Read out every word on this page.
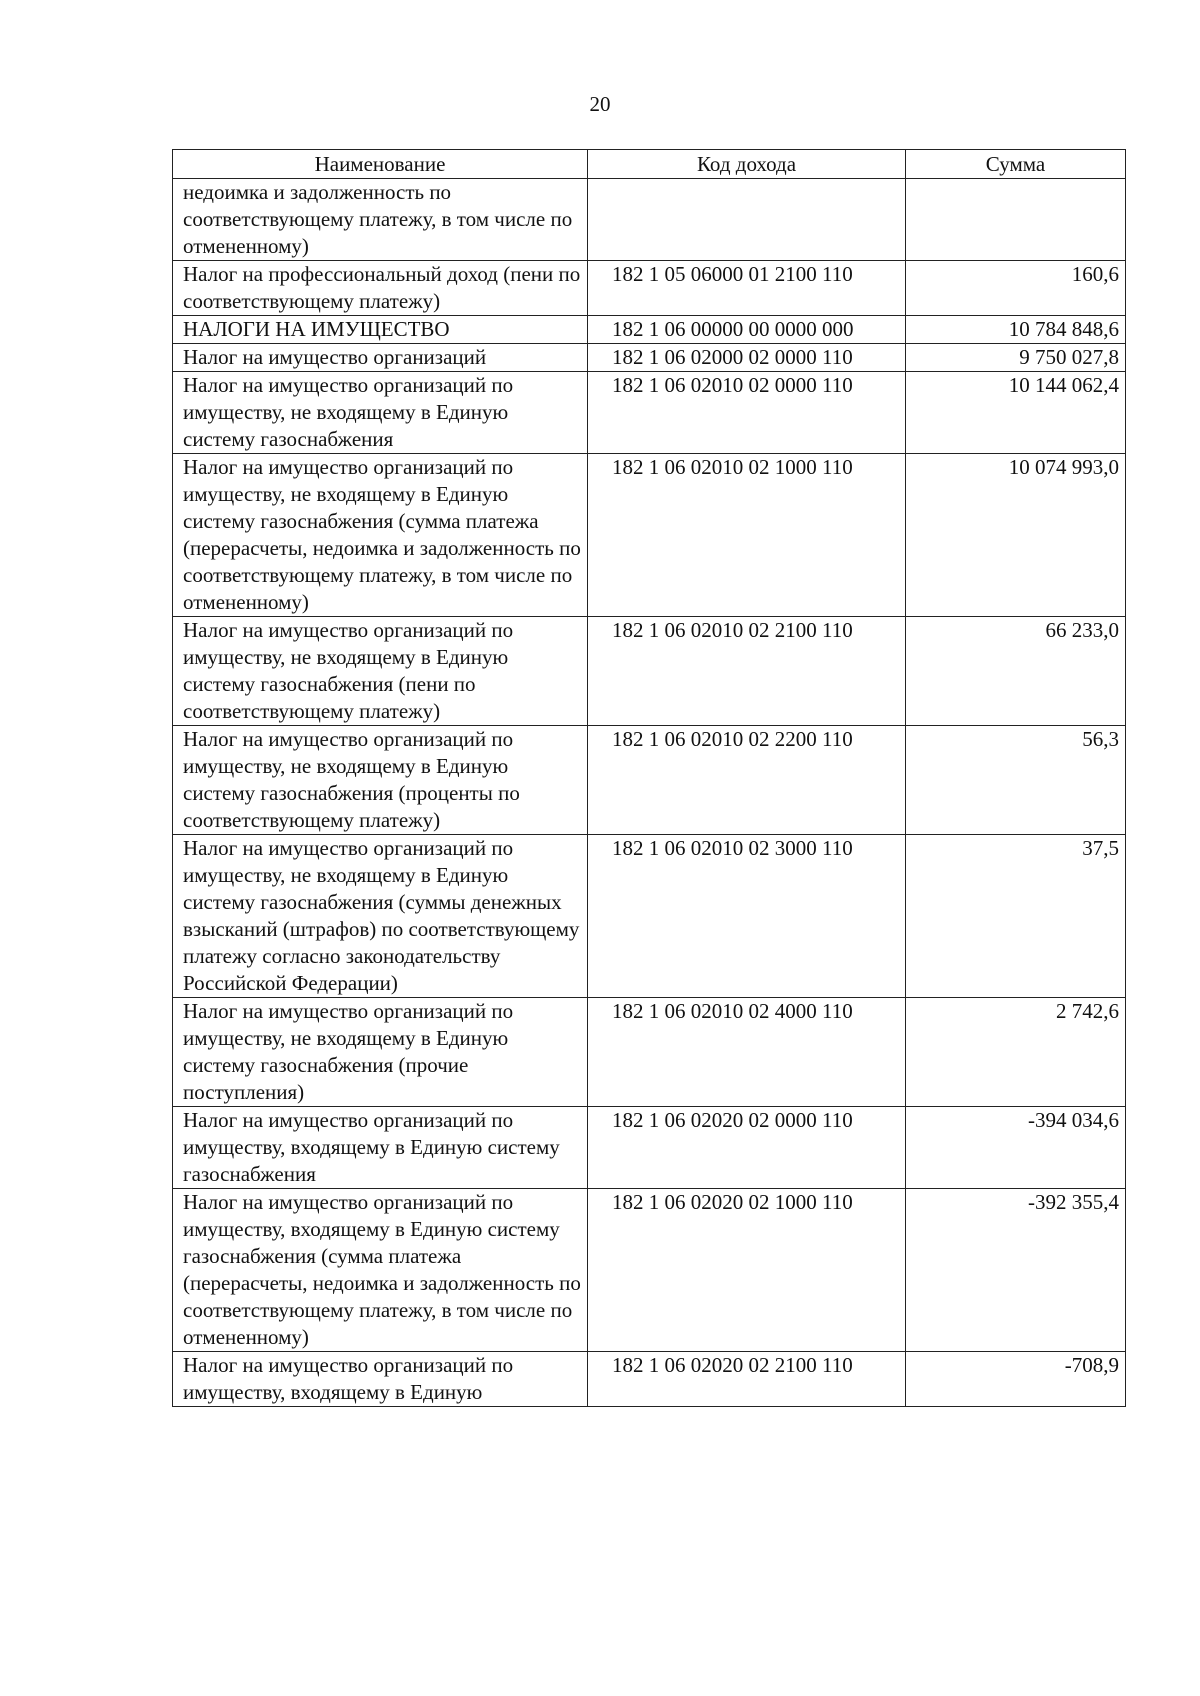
20
Наименование	Код дохода	Сумма
недоимка и задолженность по соответствующему платежу, в том числе по отмененному)		
Налог на профессиональный доход (пени по соответствующему платежу)	182 1 05 06000 01 2100 110	160,6
НАЛОГИ НА ИМУЩЕСТВО	182 1 06 00000 00 0000 000	10 784 848,6
Налог на имущество организаций	182 1 06 02000 02 0000 110	9 750 027,8
Налог на имущество организаций по имуществу, не входящему в Единую систему газоснабжения	182 1 06 02010 02 0000 110	10 144 062,4
Налог на имущество организаций по имуществу, не входящему в Единую систему газоснабжения (сумма платежа (перерасчеты, недоимка и задолженность по соответствующему платежу, в том числе по отмененному)	182 1 06 02010 02 1000 110	10 074 993,0
Налог на имущество организаций по имуществу, не входящему в Единую систему газоснабжения (пени по соответствующему платежу)	182 1 06 02010 02 2100 110	66 233,0
Налог на имущество организаций по имуществу, не входящему в Единую систему газоснабжения (проценты по соответствующему платежу)	182 1 06 02010 02 2200 110	56,3
Налог на имущество организаций по имуществу, не входящему в Единую систему газоснабжения (суммы денежных взысканий (штрафов) по соответствующему платежу согласно законодательству Российской Федерации)	182 1 06 02010 02 3000 110	37,5
Налог на имущество организаций по имуществу, не входящему в Единую систему газоснабжения (прочие поступления)	182 1 06 02010 02 4000 110	2 742,6
Налог на имущество организаций по имуществу, входящему в Единую систему газоснабжения	182 1 06 02020 02 0000 110	-394 034,6
Налог на имущество организаций по имуществу, входящему в Единую систему газоснабжения (сумма платежа (перерасчеты, недоимка и задолженность по соответствующему платежу, в том числе по отмененному)	182 1 06 02020 02 1000 110	-392 355,4
Налог на имущество организаций по имуществу, входящему в Единую	182 1 06 02020 02 2100 110	-708,9
